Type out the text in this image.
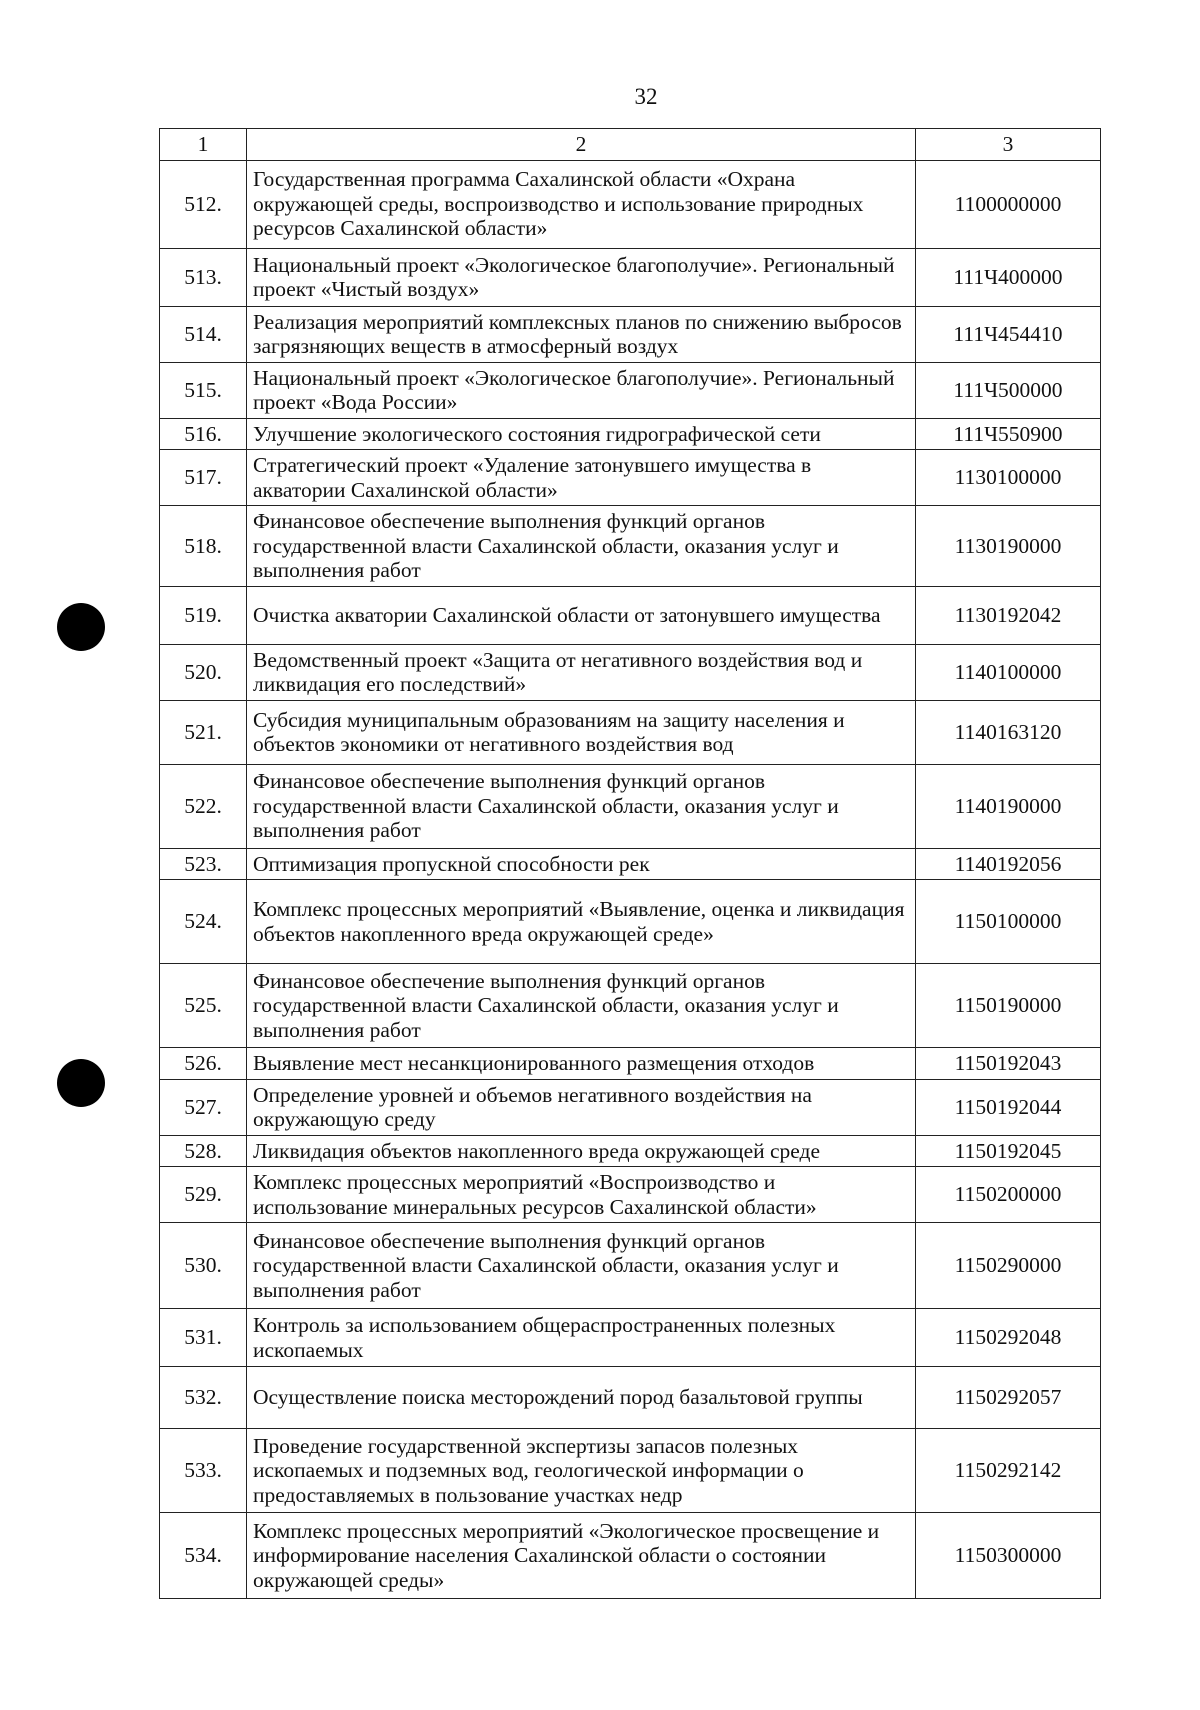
32
1	2	3
512.	Государственная программа Сахалинской области «Охрана окружающей среды, воспроизводство и использование природных ресурсов Сахалинской области»	1100000000
513.	Национальный проект «Экологическое благополучие». Региональный проект «Чистый воздух»	111Ч400000
514.	Реализация мероприятий комплексных планов по снижению выбросов загрязняющих веществ в атмосферный воздух	111Ч454410
515.	Национальный проект «Экологическое благополучие». Региональный проект «Вода России»	111Ч500000
516.	Улучшение экологического состояния гидрографической сети	111Ч550900
517.	Стратегический проект «Удаление затонувшего имущества в акватории Сахалинской области»	1130100000
518.	Финансовое обеспечение выполнения функций органов государственной власти Сахалинской области, оказания услуг и выполнения работ	1130190000
519.	Очистка акватории Сахалинской области от затонувшего имущества	1130192042
520.	Ведомственный проект «Защита от негативного воздействия вод и ликвидация его последствий»	1140100000
521.	Субсидия муниципальным образованиям на защиту населения и объектов экономики от негативного воздействия вод	1140163120
522.	Финансовое обеспечение выполнения функций органов государственной власти Сахалинской области, оказания услуг и выполнения работ	1140190000
523.	Оптимизация пропускной способности рек	1140192056
524.	Комплекс процессных мероприятий «Выявление, оценка и ликвидация объектов накопленного вреда окружающей среде»	1150100000
525.	Финансовое обеспечение выполнения функций органов государственной власти Сахалинской области, оказания услуг и выполнения работ	1150190000
526.	Выявление мест несанкционированного размещения отходов	1150192043
527.	Определение уровней и объемов негативного воздействия на окружающую среду	1150192044
528.	Ликвидация объектов накопленного вреда окружающей среде	1150192045
529.	Комплекс процессных мероприятий «Воспроизводство и использование минеральных ресурсов Сахалинской области»	1150200000
530.	Финансовое обеспечение выполнения функций органов государственной власти Сахалинской области, оказания услуг и выполнения работ	1150290000
531.	Контроль за использованием общераспространенных полезных ископаемых	1150292048
532.	Осуществление поиска месторождений пород базальтовой группы	1150292057
533.	Проведение государственной экспертизы запасов полезных ископаемых и подземных вод, геологической информации о предоставляемых в пользование участках недр	1150292142
534.	Комплекс процессных мероприятий «Экологическое просвещение и информирование населения Сахалинской области о состоянии окружающей среды»	1150300000
